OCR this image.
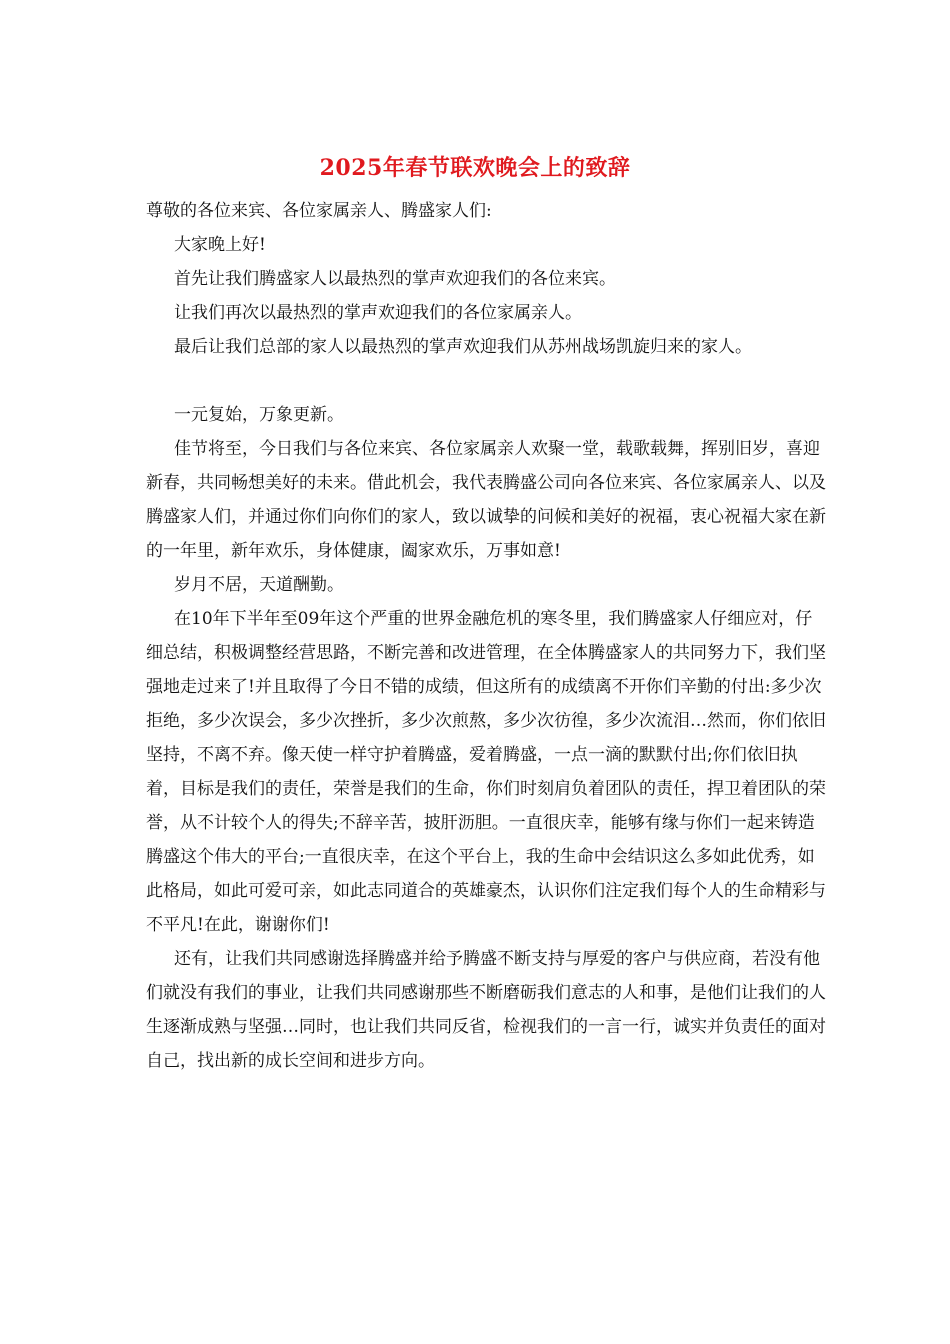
2025年春节联欢晚会上的致辞

尊敬的各位来宾、各位家属亲人、腾盛家人们:

大家晚上好!

首先让我们腾盛家人以最热烈的掌声欢迎我们的各位来宾。

让我们再次以最热烈的掌声欢迎我们的各位家属亲人。

最后让我们总部的家人以最热烈的掌声欢迎我们从苏州战场凯旋归来的家人。

一元复始，万象更新。

佳节将至，今日我们与各位来宾、各位家属亲人欢聚一堂，载歌载舞，挥别旧岁，喜迎新春，共同畅想美好的未来。借此机会，我代表腾盛公司向各位来宾、各位家属亲人、以及腾盛家人们，并通过你们向你们的家人，致以诚挚的问候和美好的祝福，衷心祝福大家在新的一年里，新年欢乐，身体健康，阖家欢乐，万事如意!

岁月不居，天道酬勤。

在10年下半年至09年这个严重的世界金融危机的寒冬里，我们腾盛家人仔细应对，仔细总结，积极调整经营思路，不断完善和改进管理，在全体腾盛家人的共同努力下，我们坚强地走过来了!并且取得了今日不错的成绩，但这所有的成绩离不开你们辛勤的付出:多少次拒绝，多少次误会，多少次挫折，多少次煎熬，多少次彷徨，多少次流泪…然而，你们依旧坚持，不离不弃。像天使一样守护着腾盛，爱着腾盛，一点一滴的默默付出;你们依旧执着，目标是我们的责任，荣誉是我们的生命，你们时刻肩负着团队的责任，捍卫着团队的荣誉，从不计较个人的得失;不辞辛苦，披肝沥胆。一直很庆幸，能够有缘与你们一起来铸造腾盛这个伟大的平台;一直很庆幸，在这个平台上，我的生命中会结识这么多如此优秀，如此格局，如此可爱可亲，如此志同道合的英雄豪杰，认识你们注定我们每个人的生命精彩与不平凡!在此，谢谢你们!

还有，让我们共同感谢选择腾盛并给予腾盛不断支持与厚爱的客户与供应商，若没有他们就没有我们的事业，让我们共同感谢那些不断磨砺我们意志的人和事，是他们让我们的人生逐渐成熟与坚强…同时，也让我们共同反省，检视我们的一言一行，诚实并负责任的面对自己，找出新的成长空间和进步方向。
